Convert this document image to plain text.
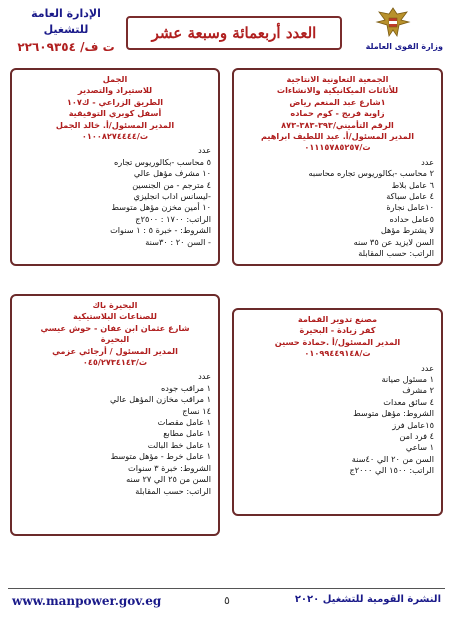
وزارة القوى العاملة
العدد أربعمائة وسبعة عشر
الإدارة العامة للتشغيل
ت ف/ ٢٢٦٠٩٣٥٤
الجمعية التعاونية الانتاجية
للأثاثات الميكانيكية والانشاءات
١شارع عبد المنعم رياض
زاوية فريج - كوم حماده
الرقم التأميني/٣٩٣-٣٨٣-٨٧٣
المدير المسئول/أ. عبد اللطيف ابراهيم
ت/٠١١١٥٧٨٥٢٥٧
عدد
٢ محاسب -بكالوريوس تجاره محاسبه
٦ عامل بلاط
٤ عامل سباكة
١٠عامل نجارة
٥عامل حداده
لا يشترط مؤهل
السن لايزيد عن ٣٥ سنه
الراتب: حسب المقابلة
الجمل
للاستيراد والتصدير
الطريق الزراعي - ك١٠٧
أسفل كوبري التوفيقية
المدير المسئول/أ. خالد الجمل
ت/٠١٠٠٨٢٧٤٤٤٤
عدد
٥ محاسب -بكالوريوس تجاره
١٠ مشرف مؤهل عالي
٤ مترجم - من الجنسين
-ليسانس اداب انجليزي
١٠ أمين مخزن مؤهل متوسط
الراتب: ١٧٠٠ : ٢٥٠٠ج
الشروط: - خبرة ٥ : ١ سنوات
- السن ٢٠ : ٣٠سنة
مصنع تدوير القمامة
كفر زيادة - البحيرة
المدير المسئول/أ .حمادة حسين
ت/٠١٠٩٩٤٤٩١٤٨
عدد
١ مسئول صيانة
٢ مشرف
٤ سائق معدات
الشروط: مؤهل متوسط
١٥عامل فرز
٤ فرد امن
١ ساعي
السن من ٢٠ الي ٤٠سنة
الراتب: ١٥٠٠ الي ٢٠٠٠ج
البحيرة باك
للصناعات البلاستيكية
شارع عثمان ابن عفان - حوش عيسي
البحيرة
المدير المسئول / أرجائي عزمي
ت/٠٤٥/٢٧٣٤١٤٣
عدد
١ مراقب جوده
١ مراقب مخازن المؤهل عالي
١٤ نساج
١ عامل مقصات
١ عامل مطابع
١ عامل خط البالت
١ عامل خرط - مؤهل متوسط
الشروط: خبرة ٣ سنوات
السن من ٢٥ الي ٢٧ سنه
الراتب: حسب المقابلة
www.manpower.gov.eg	٥	النشرة القومية للتشغيل ٢٠٢٠
